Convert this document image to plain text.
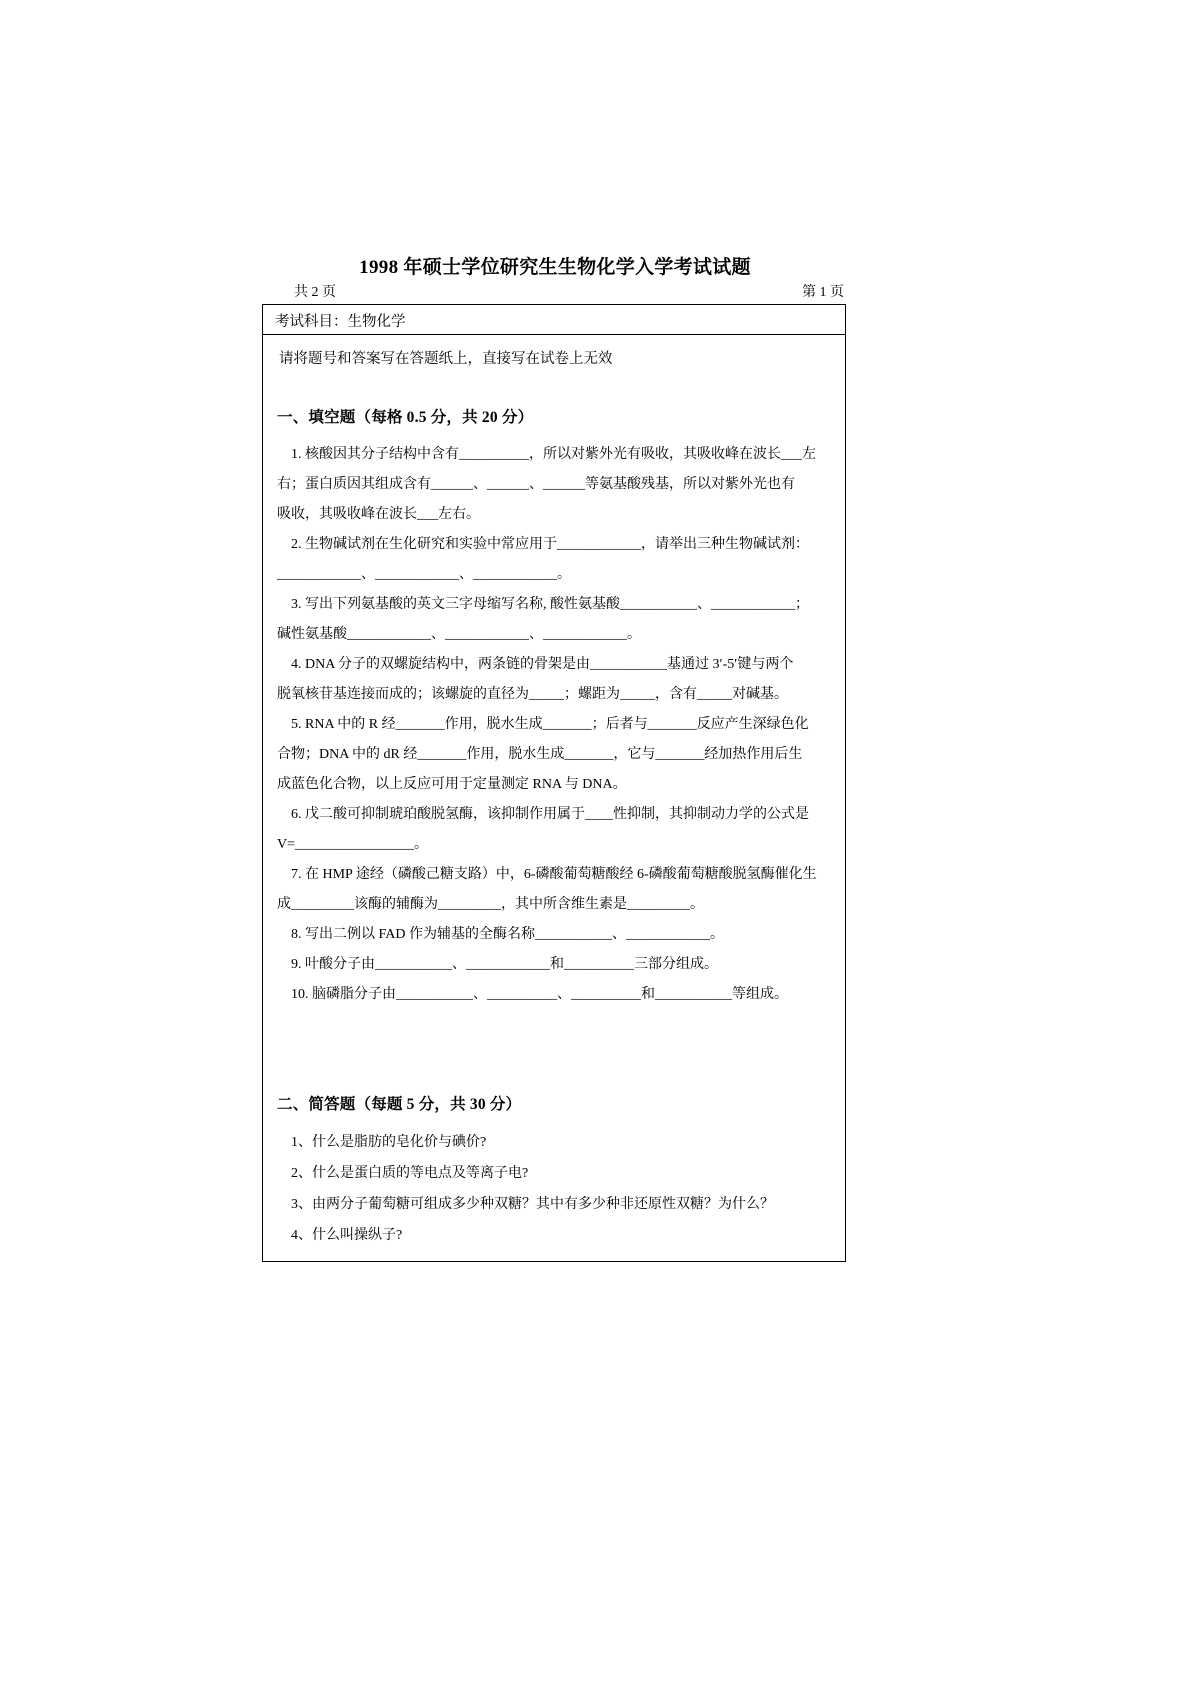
1998 年硕士学位研究生生物化学入学考试试题
共 2 页	第 1 页
考试科目：生物化学
请将题号和答案写在答题纸上，直接写在试卷上无效
一、填空题（每格 0.5 分，共 20 分）
1. 核酸因其分子结构中含有__________，所以对紫外光有吸收，其吸收峰在波长___左
右；蛋白质因其组成含有______、______、______等氨基酸残基，所以对紫外光也有
吸收，其吸收峰在波长___左右。
2. 生物碱试剂在生化研究和实验中常应用于____________，请举出三种生物碱试剂：
____________、____________、____________。
3. 写出下列氨基酸的英文三字母缩写名称, 酸性氨基酸___________、____________；
碱性氨基酸____________、____________、____________。
4. DNA 分子的双螺旋结构中，两条链的骨架是由___________基通过 3′-5′键与两个
脱氧核苷基连接而成的；该螺旋的直径为_____；螺距为_____，含有_____对碱基。
5. RNA 中的 R 经_______作用，脱水生成_______；后者与_______反应产生深绿色化
合物；DNA 中的 dR 经_______作用，脱水生成_______，它与_______经加热作用后生
成蓝色化合物，以上反应可用于定量测定 RNA 与 DNA。
6. 戊二酸可抑制琥珀酸脱氢酶，该抑制作用属于____性抑制，其抑制动力学的公式是
V=_________________。
7. 在 HMP 途经（磷酸己糖支路）中，6-磷酸葡萄糖酸经 6-磷酸葡萄糖酸脱氢酶催化生
成_________该酶的辅酶为_________，其中所含维生素是_________。
8. 写出二例以 FAD 作为辅基的全酶名称___________、____________。
9. 叶酸分子由___________、____________和__________三部分组成。
10. 脑磷脂分子由___________、__________、__________和___________等组成。
二、简答题（每题 5 分，共 30 分）
1、什么是脂肪的皂化价与碘价?
2、什么是蛋白质的等电点及等离子电?
3、由两分子葡萄糖可组成多少种双糖？其中有多少种非还原性双糖？为什么？
4、什么叫操纵子?
